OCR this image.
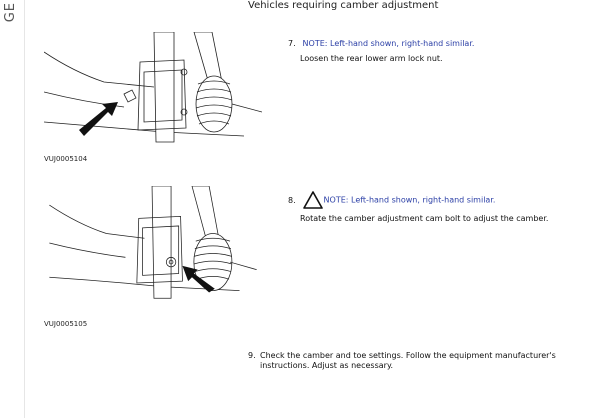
GE	Vehicles requiring camber adjustment
VUJ0005104
VUJ0005105
7. NOTE: Left-hand shown, right-hand similar.

Loosen the rear lower arm lock nut.

8.	NOTE: Left-hand shown, right-hand similar.

Rotate the camber adjustment cam bolt to adjust the camber.

9. Check the camber and toe settings. Follow the equipment manufacturer's instructions. Adjust as necessary.
